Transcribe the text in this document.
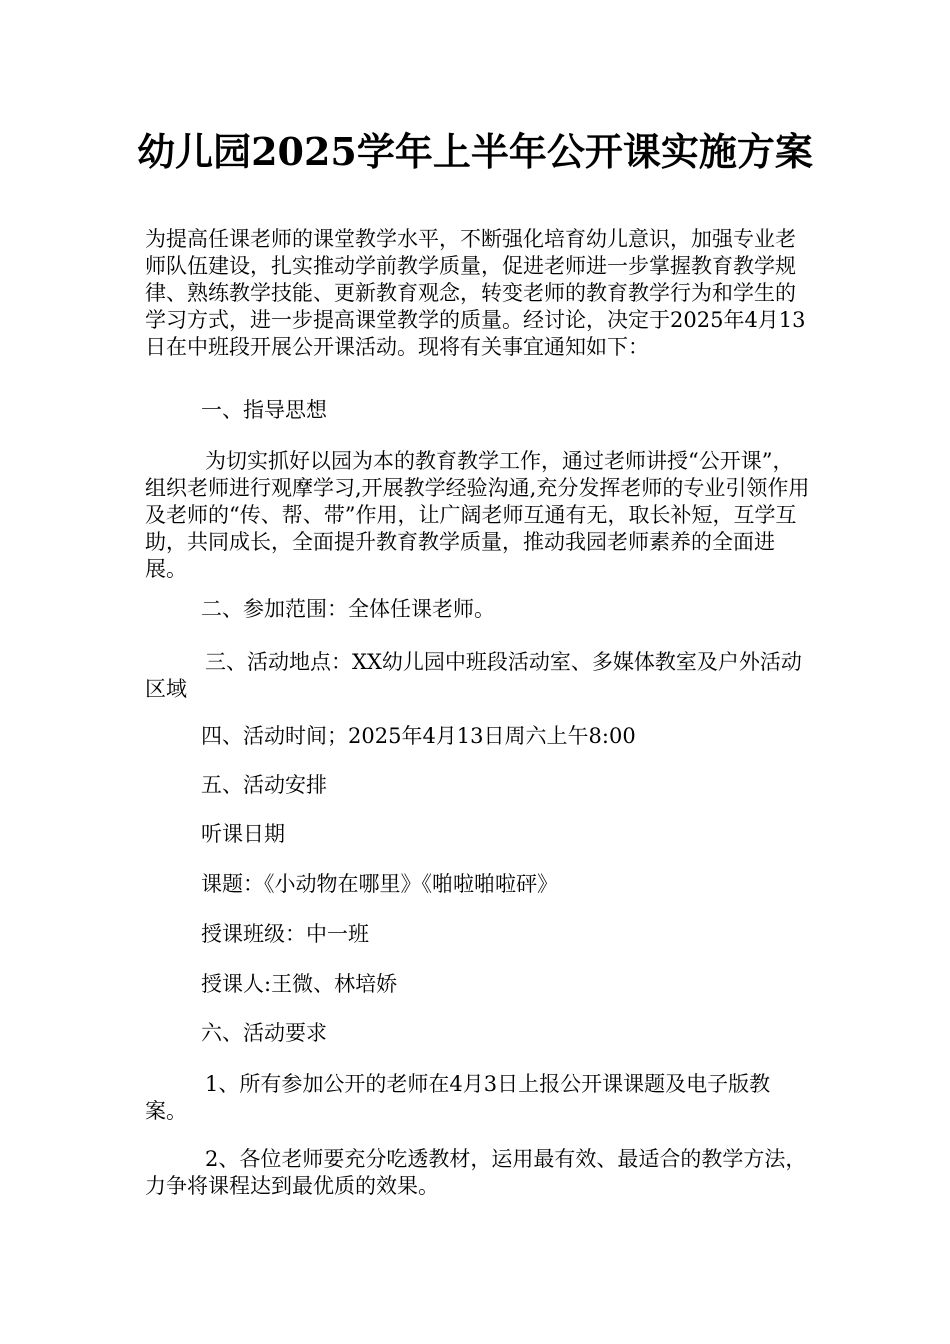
幼儿园2025学年上半年公开课实施方案

为提高任课老师的课堂教学水平，不断强化培育幼儿意识，加强专业老师队伍建设，扎实推动学前教学质量，促进老师进一步掌握教育教学规律、熟练教学技能、更新教育观念，转变老师的教育教学行为和学生的学习方式，进一步提高课堂教学的质量。经讨论，决定于2025年4月13日在中班段开展公开课活动。现将有关事宜通知如下：

一、指导思想

为切实抓好以园为本的教育教学工作，通过老师讲授“公开课”，组织老师进行观摩学习,开展教学经验沟通,充分发挥老师的专业引领作用及老师的“传、帮、带”作用，让广阔老师互通有无，取长补短，互学互助，共同成长，全面提升教育教学质量，推动我园老师素养的全面进展。

二、参加范围：全体任课老师。

三、活动地点：XX幼儿园中班段活动室、多媒体教室及户外活动区域

四、活动时间；2025年4月13日周六上午8:00

五、活动安排

听课日期

课题：《小动物在哪里》《啪啦啪啦砰》

授课班级：中一班

授课人:王微、林培娇

六、活动要求

1、所有参加公开的老师在4月3日上报公开课课题及电子版教案。

2、各位老师要充分吃透教材，运用最有效、最适合的教学方法，力争将课程达到最优质的效果。
